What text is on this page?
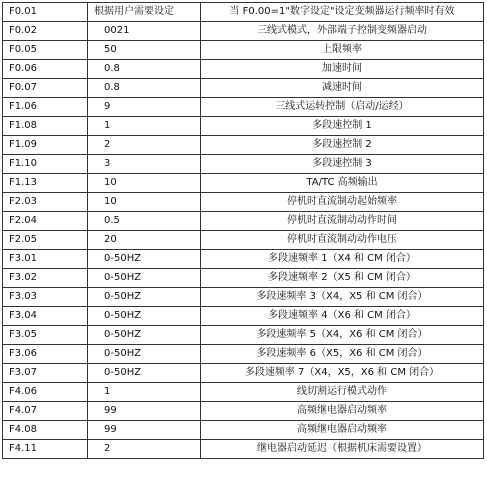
F0.01	根据用户需要设定	当 F0.00=1"数字设定"设定变频器运行频率时有效
F0.02	0021	三线式模式，外部端子控制变频器启动
F0.05	50	上限频率
F0.06	0.8	加速时间
F0.07	0.8	减速时间
F1.06	9	三线式运转控制（启动/运经）
F1.08	1	多段速控制 1
F1.09	2	多段速控制 2
F1.10	3	多段速控制 3
F1.13	10	TA/TC 高频输出
F2.03	10	停机时直流制动起始频率
F2.04	0.5	停机时直流制动动作时间
F2.05	20	停机时直流制动动作电压
F3.01	0-50HZ	多段速频率 1（X4 和 CM 闭合）
F3.02	0-50HZ	多段速频率 2（X5 和 CM 闭合）
F3.03	0-50HZ	多段速频率 3（X4，X5 和 CM 闭合）
F3.04	0-50HZ	多段速频率 4（X6 和 CM 闭合）
F3.05	0-50HZ	多段速频率 5（X4，X6 和 CM 闭合）
F3.06	0-50HZ	多段速频率 6（X5，X6 和 CM 闭合）
F3.07	0-50HZ	多段速频率 7（X4，X5，X6 和 CM 闭合）
F4.06	1	线切割运行模式动作
F4.07	99	高频继电器启动频率
F4.08	99	高频继电器启动频率
F4.11	2	继电器启动延迟（根据机床需要设置）
